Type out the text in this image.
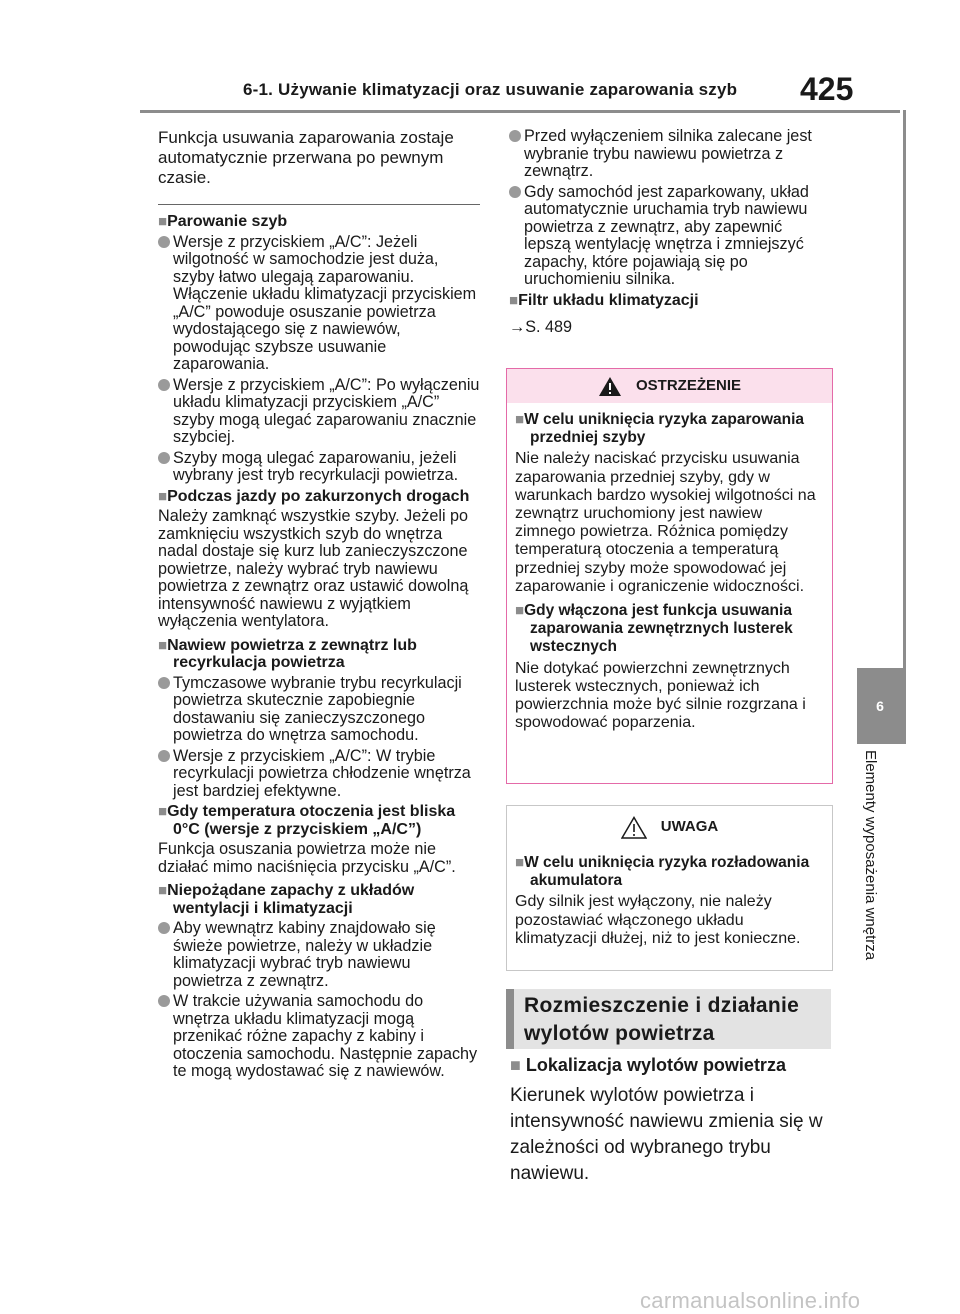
6-1. Używanie klimatyzacji oraz usuwanie zaparowania szyb 425
6
Elementy wyposażenia wnętrza
Funkcja usuwania zaparowania zostaje automatycznie przerwana po pewnym czasie.
■Parowanie szyb
Wersje z przyciskiem „A/C”: Jeżeli wilgotność w samochodzie jest duża, szyby łatwo ulegają zaparowaniu. Włączenie układu klimatyzacji przyciskiem „A/C” powoduje osuszanie powietrza wydostającego się z nawiewów, powodując szybsze usuwanie zaparowania.
Wersje z przyciskiem „A/C”: Po wyłączeniu układu klimatyzacji przyciskiem „A/C” szyby mogą ulegać zaparowaniu znacznie szybciej.
Szyby mogą ulegać zaparowaniu, jeżeli wybrany jest tryb recyrkulacji powietrza.
■Podczas jazdy po zakurzonych drogach
Należy zamknąć wszystkie szyby. Jeżeli po zamknięciu wszystkich szyb do wnętrza nadal dostaje się kurz lub zanieczyszczone powietrze, należy wybrać tryb nawiewu powietrza z zewnątrz oraz ustawić dowolną intensywność nawiewu z wyjątkiem wyłączenia wentylatora.
■Nawiew powietrza z zewnątrz lub recyrkulacja powietrza
Tymczasowe wybranie trybu recyrkulacji powietrza skutecznie zapobiegnie dostawaniu się zanieczyszczonego powietrza do wnętrza samochodu.
Wersje z przyciskiem „A/C”: W trybie recyrkulacji powietrza chłodzenie wnętrza jest bardziej efektywne.
■Gdy temperatura otoczenia jest bliska 0°C (wersje z przyciskiem „A/C”)
Funkcja osuszania powietrza może nie działać mimo naciśnięcia przycisku „A/C”.
■Niepożądane zapachy z układów wentylacji i klimatyzacji
Aby wewnątrz kabiny znajdowało się świeże powietrze, należy w układzie klimatyzacji wybrać tryb nawiewu powietrza z zewnątrz.
W trakcie używania samochodu do wnętrza układu klimatyzacji mogą przenikać różne zapachy z kabiny i otoczenia samochodu. Następnie zapachy te mogą wydostawać się z nawiewów.
Przed wyłączeniem silnika zalecane jest wybranie trybu nawiewu powietrza z zewnątrz.
Gdy samochód jest zaparkowany, układ automatycznie uruchamia tryb nawiewu powietrza z zewnątrz, aby zapewnić lepszą wentylację wnętrza i zmniejszyć zapachy, które pojawiają się po uruchomieniu silnika.
■Filtr układu klimatyzacji
→S. 489
OSTRZEŻENIE
■W celu uniknięcia ryzyka zaparowania przedniej szyby
Nie należy naciskać przycisku usuwania zaparowania przedniej szyby, gdy w warunkach bardzo wysokiej wilgotności na zewnątrz uruchomiony jest nawiew zimnego powietrza. Różnica pomiędzy temperaturą otoczenia a temperaturą przedniej szyby może spowodować jej zaparowanie i ograniczenie widoczności.
■Gdy włączona jest funkcja usuwania zaparowania zewnętrznych lusterek wstecznych
Nie dotykać powierzchni zewnętrznych lusterek wstecznych, ponieważ ich powierzchnia może być silnie rozgrzana i spowodować poparzenia.
UWAGA
■W celu uniknięcia ryzyka rozładowania akumulatora
Gdy silnik jest wyłączony, nie należy pozostawiać włączonego układu klimatyzacji dłużej, niż to jest konieczne.
Rozmieszczenie i działanie wylotów powietrza
■ Lokalizacja wylotów powietrza
Kierunek wylotów powietrza i intensywność nawiewu zmienia się w zależności od wybranego trybu nawiewu.
carmanualsonline.info
